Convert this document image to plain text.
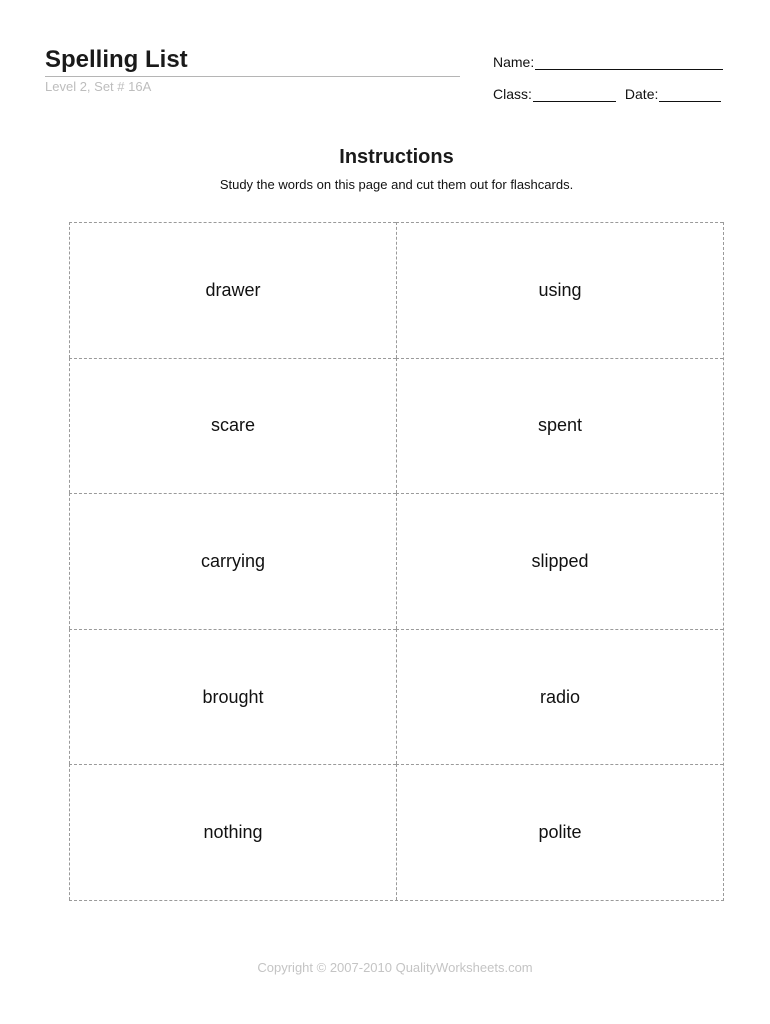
Spelling List
Level 2, Set # 16A
Name:
Class:	Date:
Instructions
Study the words on this page and cut them out for flashcards.
drawer	using
scare	spent
carrying	slipped
brought	radio
nothing	polite
Copyright © 2007-2010 QualityWorksheets.com
